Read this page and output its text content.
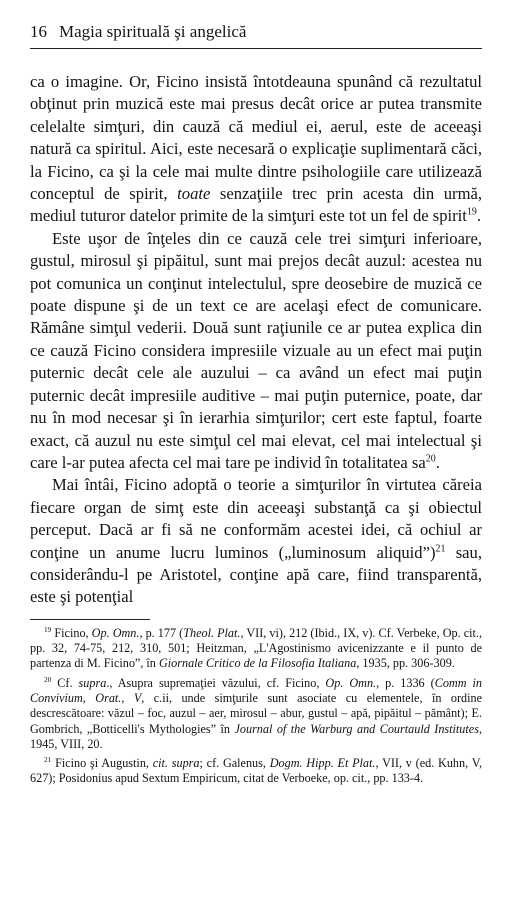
16 Magia spirituală şi angelică

ca o imagine. Or, Ficino insistă întotdeauna spunând că rezultatul obţinut prin muzică este mai presus decât orice ar putea transmite celelalte simţuri, din cauză că mediul ei, aerul, este de aceeaşi natură ca spiritul. Aici, este necesară o explicaţie suplimentară căci, la Ficino, ca şi la cele mai multe dintre psihologiile care utilizează conceptul de spirit, toate senzaţiile trec prin acesta din urmă, mediul tuturor datelor primite de la simţuri este tot un fel de spirit$^{19}$.

Este uşor de înţeles din ce cauză cele trei simţuri inferioare, gustul, mirosul şi pipăitul, sunt mai prejos decât auzul: acestea nu pot comunica un conţinut intelectulul, spre deosebire de muzică ce poate dispune şi de un text ce are acelaşi efect de comunicare. Rămâne simţul vederii. Două sunt raţiunile ce ar putea explica din ce cauză Ficino considera impresiile vizuale au un efect mai puţin puternic decât cele ale auzului – ca având un efect mai puţin puternic decât impresiile auditive – mai puţin puternice, poate, dar nu în mod necesar şi în ierarhia simţurilor; cert este faptul, foarte exact, că auzul nu este simţul cel mai elevat, cel mai intelectual şi care l-ar putea afecta cel mai tare pe individ în totalitatea $sa^{20}$.

Mai întâi, Ficino adoptă o teorie a simţurilor în virtutea căreia fiecare organ de simţ este din aceeaşi substanţă ca şi obiectul perceput. Dacă ar fi să ne conformăm acestei idei, că ochiul ar conţine un anume lucru luminos („luminosum aliquid”)$^{21}$ sau, considerându-l pe Aristotel, conţine apă care, fiind transparentă, este şi potenţial

$^{19}$ Ficino, Op. Omn., p. 177 (Theol. Plat., VII, vi), 212 (Ibid., IX, v). Cf. Verbeke, Op. cit., pp. 32, 74-75, 212, 310, 501; Heitzman, „L'Agostinismo avicenizzante e il punto de partenza di M. Ficino”, în Giornale Critico de la Filosofia Italiana, 1935, pp. 306-309.

$^{20}$ Cf. supra., Asupra supremaţiei văzului, cf. Ficino, Op. Omn., p. 1336 (Comm in Convivium, Orat., V, c.ii, unde simţurile sunt asociate cu elementele, în ordine descrescătoare: văzul – foc, auzul – aer, mirosul – abur, gustul – apă, pipăitul – pământ); E. Gombrich, „Botticelli's Mythologies” în Journal of the Warburg and Courtauld Institutes, 1945, VIII, 20.

$^{21}$ Ficino şi Augustin, cit. supra; cf. Galenus, Dogm. Hipp. Et Plat., VII, v (ed. Kuhn, V, 627); Posidonius apud Sextum Empiricum, citat de Verboeke, op. cit., pp. 133-4.
